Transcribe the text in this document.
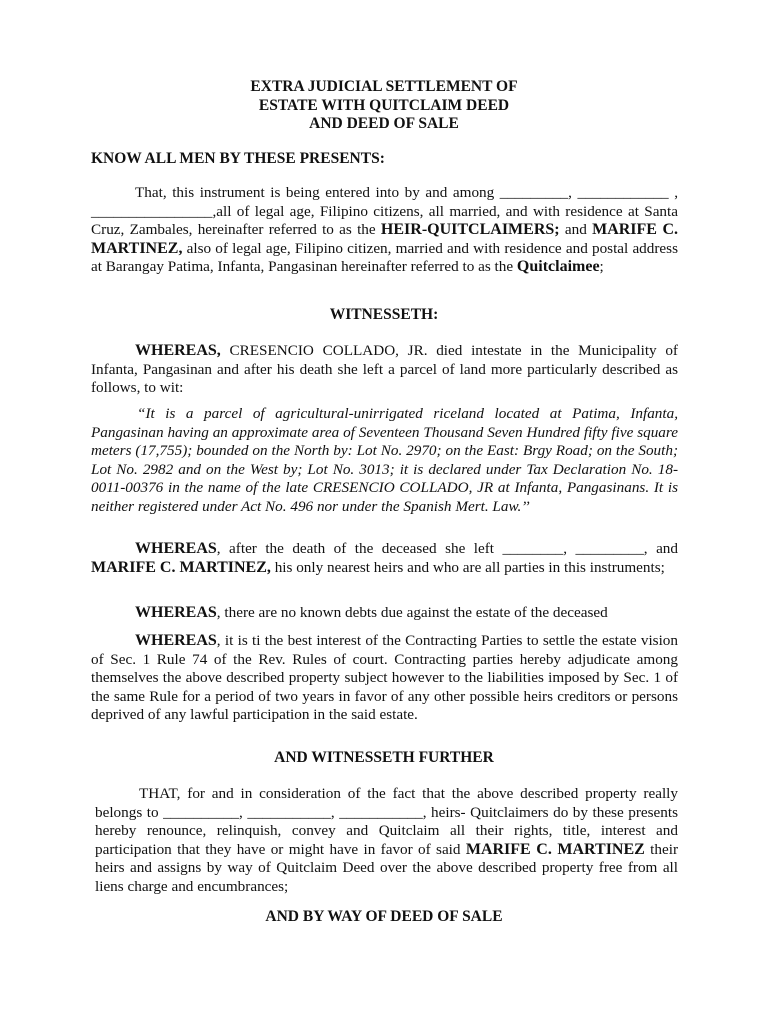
EXTRA JUDICIAL SETTLEMENT OF
ESTATE WITH QUITCLAIM DEED
AND DEED OF SALE
KNOW ALL MEN BY THESE PRESENTS:
That, this instrument is being entered into by and among _________, ____________ , ________________,all of legal age, Filipino citizens, all married, and with residence at Santa Cruz, Zambales, hereinafter referred to as the HEIR-QUITCLAIMERS; and MARIFE C. MARTINEZ, also of legal age, Filipino citizen, married and with residence and postal address at Barangay Patima, Infanta, Pangasinan hereinafter referred to as the Quitclaimee;
WITNESSETH:
WHEREAS, CRESENCIO COLLADO, JR. died intestate in the Municipality of Infanta, Pangasinan and after his death she left a parcel of land more particularly described as follows, to wit:
“It is a parcel of agricultural-unirrigated riceland located at Patima, Infanta, Pangasinan having an approximate area of Seventeen Thousand Seven Hundred fifty five square meters (17,755); bounded on the North by: Lot No. 2970; on the East: Brgy Road; on the South; Lot No. 2982 and on the West by; Lot No. 3013; it is declared under Tax Declaration No. 18-0011-00376 in the name of the late CRESENCIO COLLADO, JR at Infanta, Pangasinans. It is neither registered under Act No. 496 nor under the Spanish Mert. Law.’’
WHEREAS, after the death of the deceased she left ________, _________, and MARIFE C. MARTINEZ, his only nearest heirs and who are all parties in this instruments;
WHEREAS, there are no known debts due against the estate of the deceased
WHEREAS, it is ti the best interest of the Contracting Parties to settle the estate vision of Sec. 1 Rule 74 of the Rev. Rules of court. Contracting parties hereby adjudicate among themselves the above described property subject however to the liabilities imposed by Sec. 1 of the same Rule for a period of two years in favor of any other possible heirs creditors or persons deprived of any lawful participation in the said estate.
AND WITNESSETH FURTHER
THAT, for and in consideration of the fact that the above described property really belongs to __________, ___________, ___________, heirs- Quitclaimers do by these presents hereby renounce, relinquish, convey and Quitclaim all their rights, title, interest and participation that they have or might have in favor of said MARIFE C. MARTINEZ their heirs and assigns by way of Quitclaim Deed over the above described property free from all liens charge and encumbrances;
AND BY WAY OF DEED OF SALE
